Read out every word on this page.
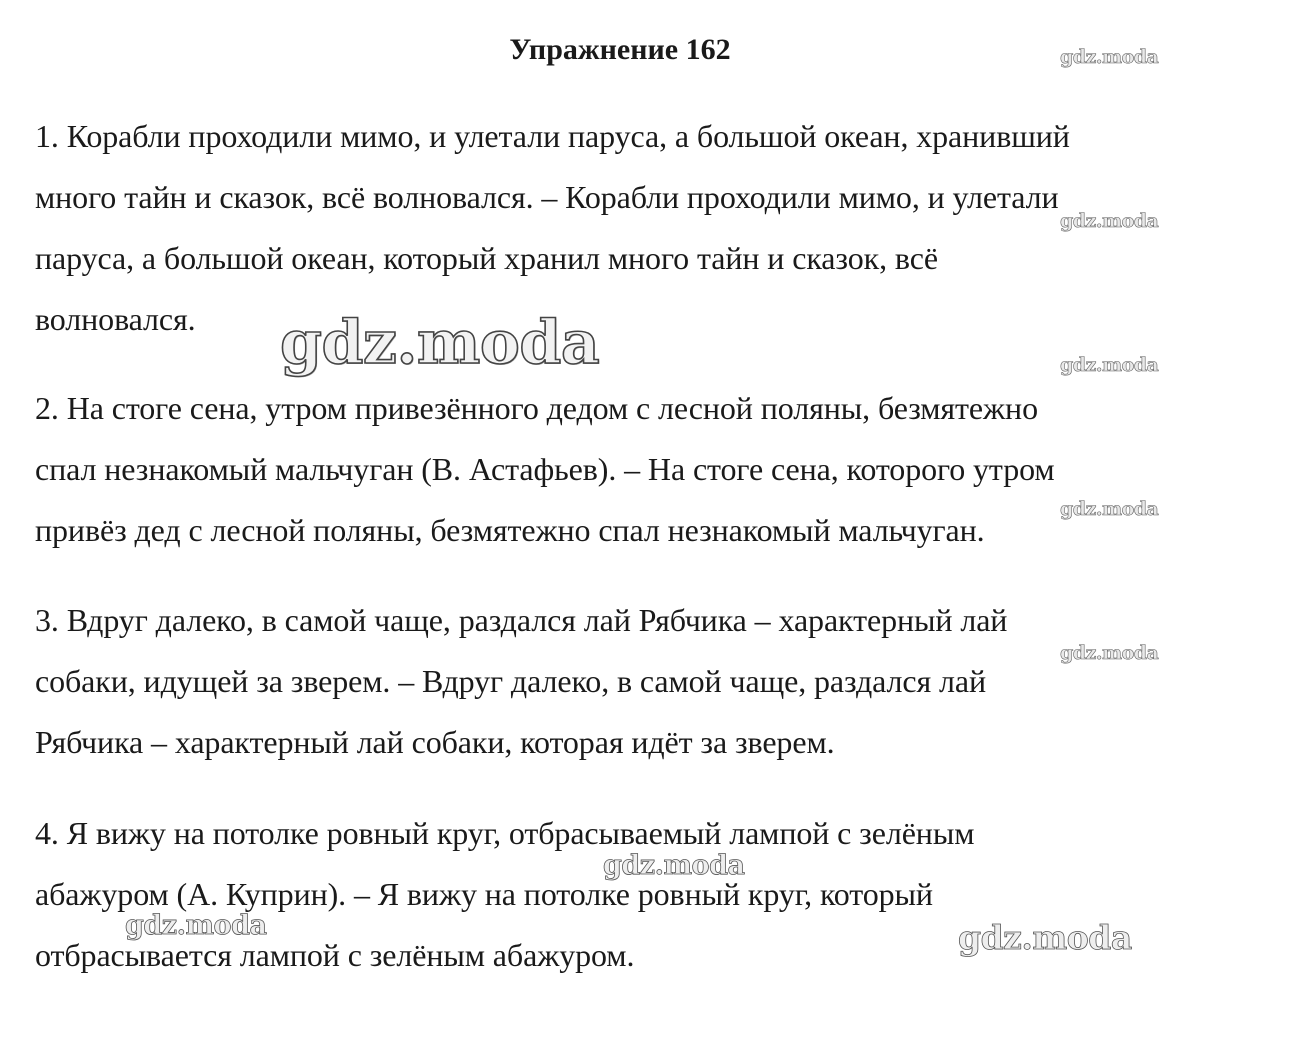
Упражнение 162

1. Корабли проходили мимо, и улетали паруса, а большой океан, хранивший
много тайн и сказок, всё волновался. – Корабли проходили мимо, и улетали
паруса, а большой океан, который хранил много тайн и сказок, всё
волновался.

2. На стоге сена, утром привезённого дедом с лесной поляны, безмятежно
спал незнакомый мальчуган (В. Астафьев). – На стоге сена, которого утром
привёз дед с лесной поляны, безмятежно спал незнакомый мальчуган.

3. Вдруг далеко, в самой чаще, раздался лай Рябчика – характерный лай
собаки, идущей за зверем. – Вдруг далеко, в самой чаще, раздался лай
Рябчика – характерный лай собаки, которая идёт за зверем.

4. Я вижу на потолке ровный круг, отбрасываемый лампой с зелёным
абажуром (А. Куприн). – Я вижу на потолке ровный круг, который
отбрасывается лампой с зелёным абажуром.

gdz.moda
gdz.moda
gdz.moda
gdz.moda
gdz.moda
gdz.moda
gdz.moda
gdz.moda	gdz.moda
